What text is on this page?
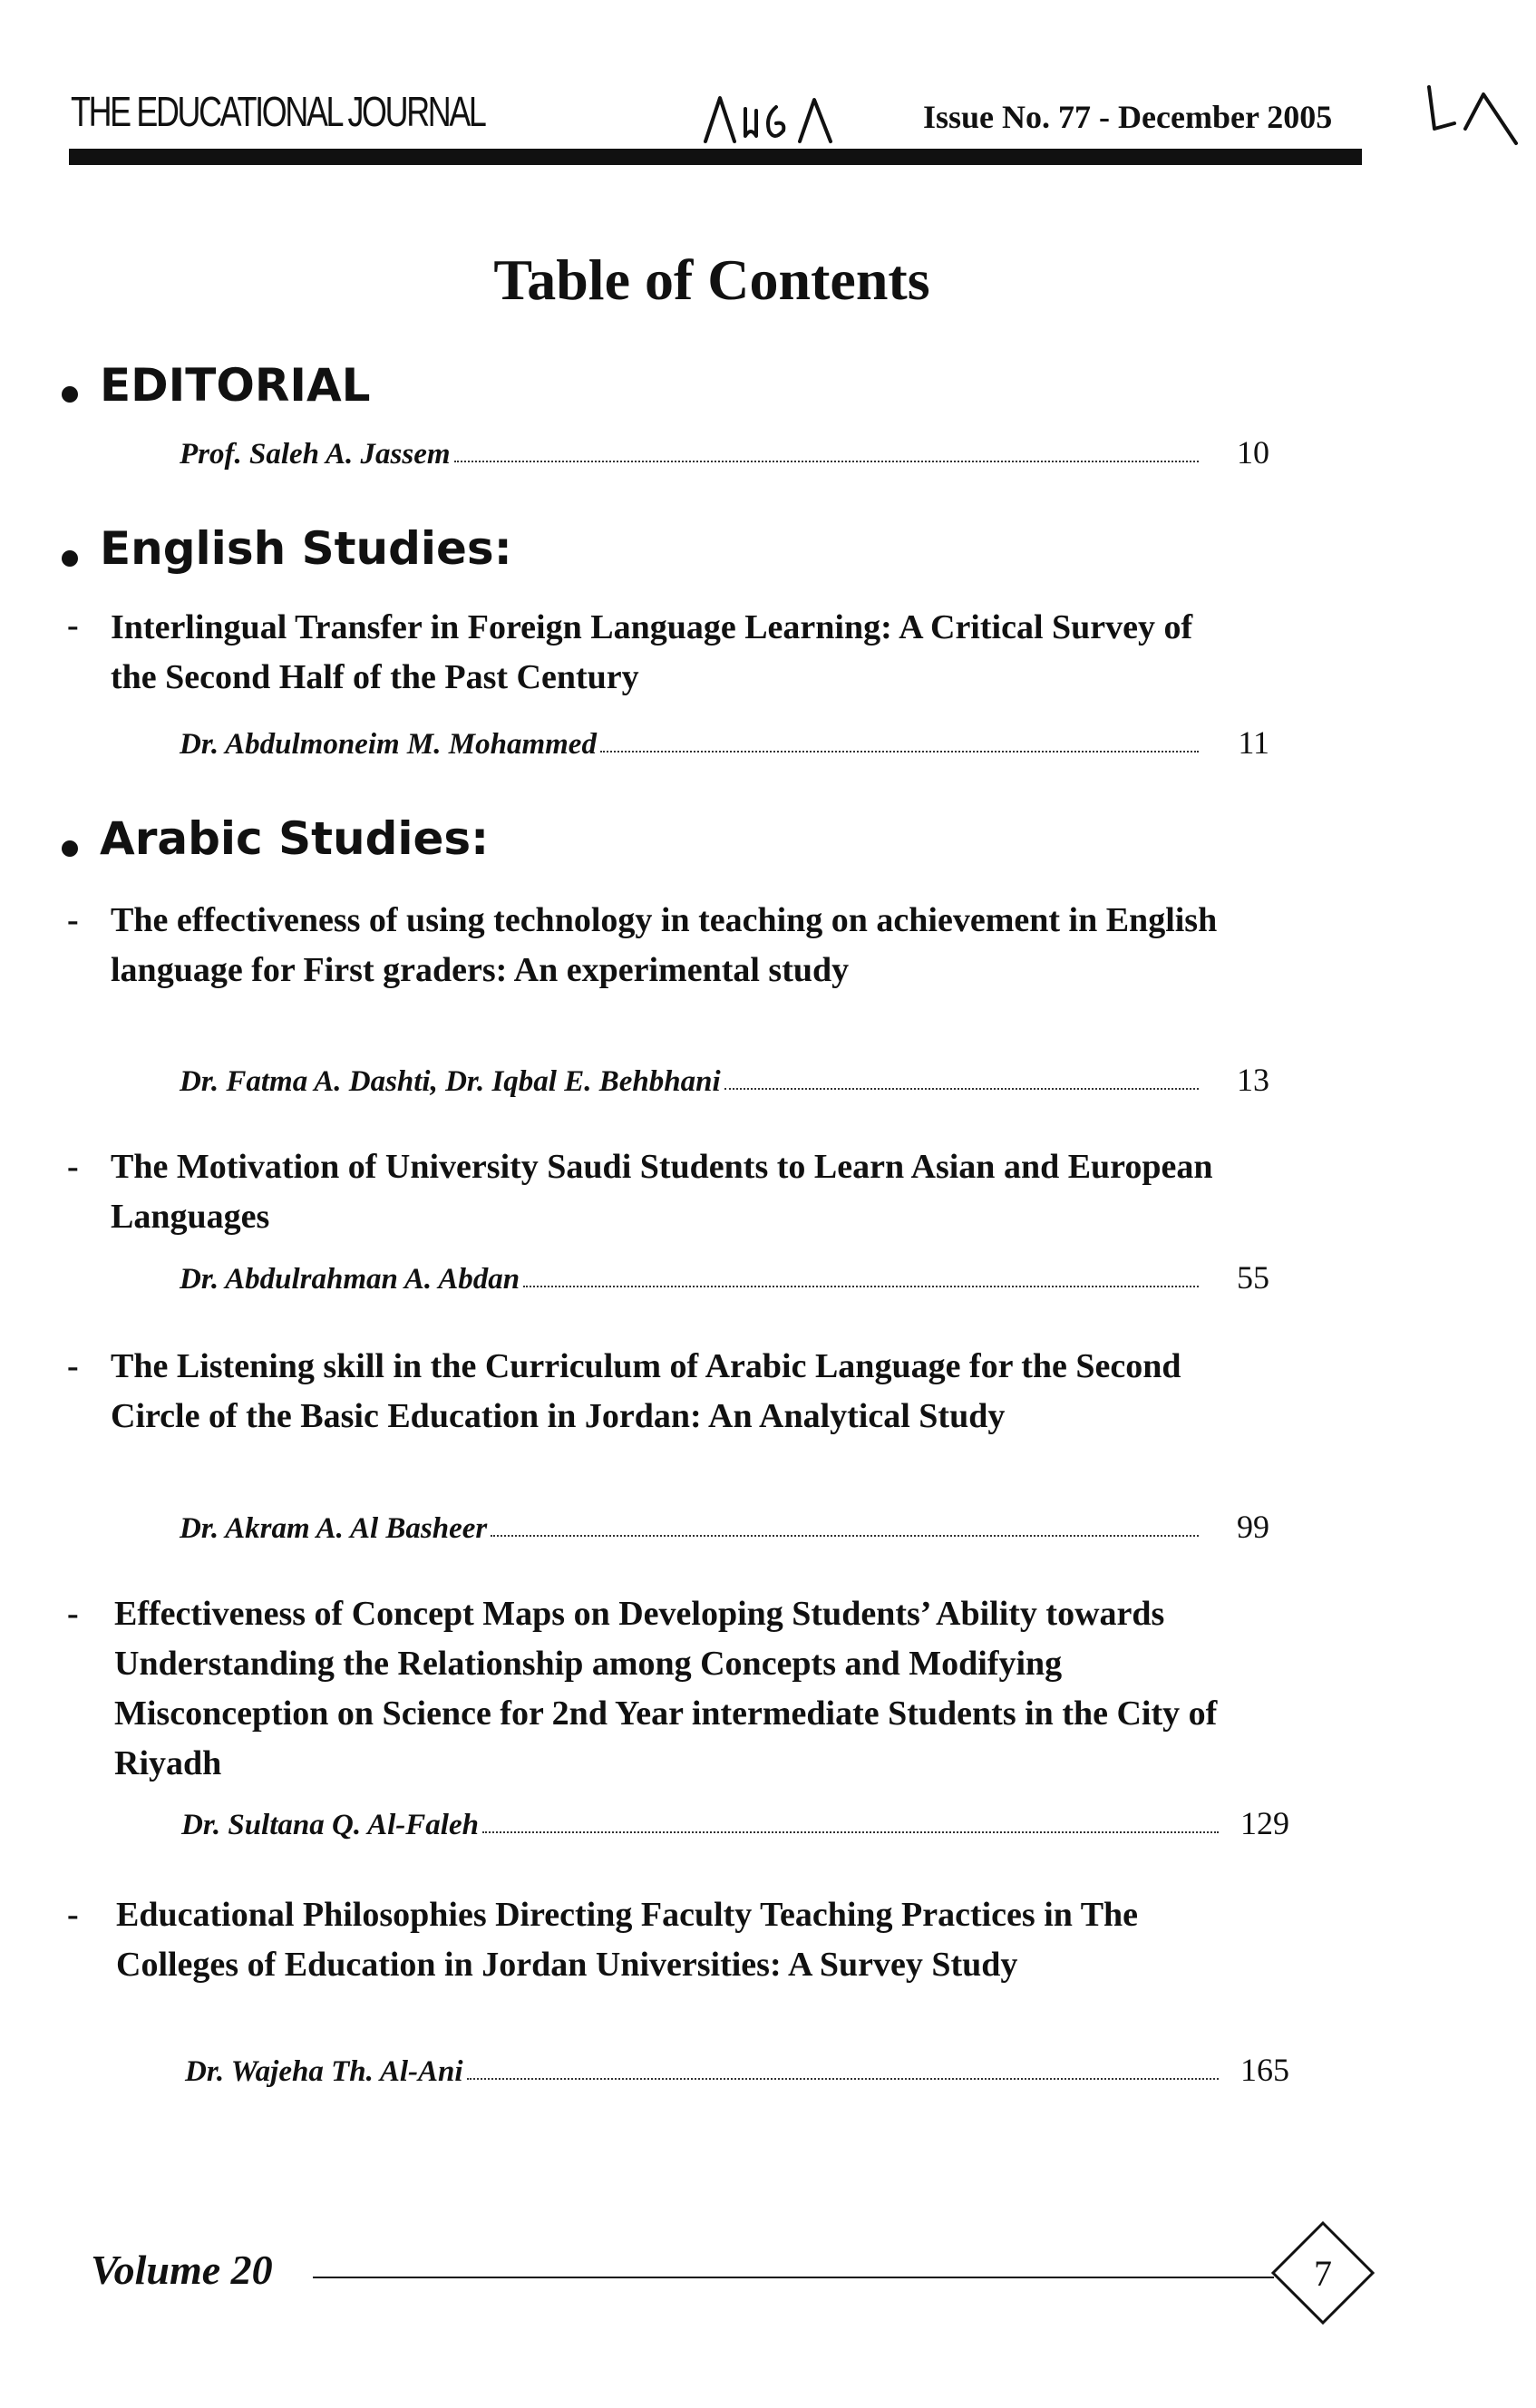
THE EDUCATIONAL JOURNAL	Issue No. 77 - December 2005
Table of Contents
EDITORIAL
Prof. Saleh A. Jassem	10
English Studies:
- Interlingual Transfer in Foreign Language Learning: A Critical Survey of the Second Half of the Past Century

Dr. Abdulmoneim M. Mohammed	11
Arabic Studies:
- The effectiveness of using technology in teaching on achievement in English language for First graders: An experimental study

Dr. Fatma A. Dashti, Dr. Iqbal E. Behbhani	13
- The Motivation of University Saudi Students to Learn Asian and European Languages

Dr. Abdulrahman A. Abdan	55
- The Listening skill in the Curriculum of Arabic Language for the Second Circle of the Basic Education in Jordan: An Analytical Study

Dr. Akram A. Al Basheer	99
- Effectiveness of Concept Maps on Developing Students’ Ability towards Understanding the Relationship among Concepts and Modifying Misconception on Science for 2nd Year intermediate Students in the City of Riyadh

Dr. Sultana Q. Al-Faleh	129
- Educational Philosophies Directing Faculty Teaching Practices in The Colleges of Education in Jordan Universities: A Survey Study

Dr. Wajeha Th. Al-Ani	165
Volume 20	7
